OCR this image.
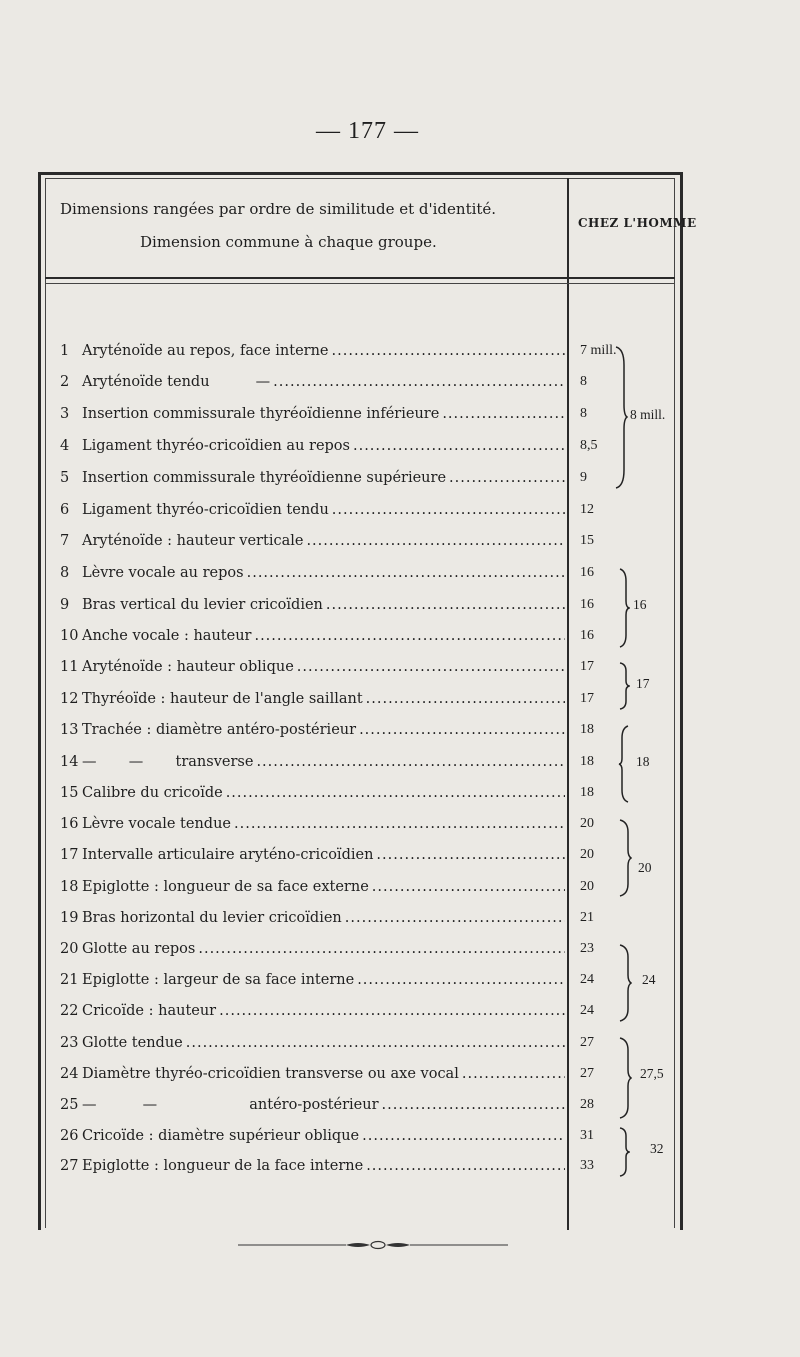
— 177 —
Dimensions rangées par ordre de similitude et d'identité.
Dimension commune à chaque groupe.
CHEZ L'HOMME
1 Aryténoïde au repos, face interne
.....
2 Aryténoïde tendu          —
.....
3 Insertion commissurale thyréoïdienne inférieure
.....
4 Ligament thyréo-cricoïdien au repos
.....
5 Insertion commissurale thyréoïdienne supérieure
.....
6 Ligament thyréo-cricoïdien tendu
.....
7 Aryténoïde : hauteur verticale
.....
8 Lèvre vocale au repos
.....
9 Bras vertical du levier cricoïdien
.....
10 Anche vocale : hauteur
.....
11 Aryténoïde : hauteur oblique
.....
12 Thyréoïde : hauteur de l'angle saillant
.....
13 Trachée : diamètre antéro-postérieur
.....
14 —       —       transverse
.....
15 Calibre du cricoïde
.....
16 Lèvre vocale tendue
.....
17 Intervalle articulaire aryténo-cricoïdien
.....
18 Epiglotte : longueur de sa face externe
.....
19 Bras horizontal du levier cricoïdien
.....
20 Glotte au repos
.....
21 Epiglotte : largeur de sa face interne
.....
22 Cricoïde : hauteur
.....
23 Glotte tendue
.....
24 Diamètre thyréo-cricoïdien transverse ou axe vocal
.....
25 —          —                    antéro-postérieur
.....
26 Cricoïde : diamètre supérieur oblique
.....
27 Epiglotte : longueur de la face interne
.....
7 mill.
8
8
8,5
9
12
15
16
16
16
17
17
18
18
18
20
20
20
21
23
24
24
27
27
28
31
33
8 mill.
16
17
18
20
24
27,5
32
